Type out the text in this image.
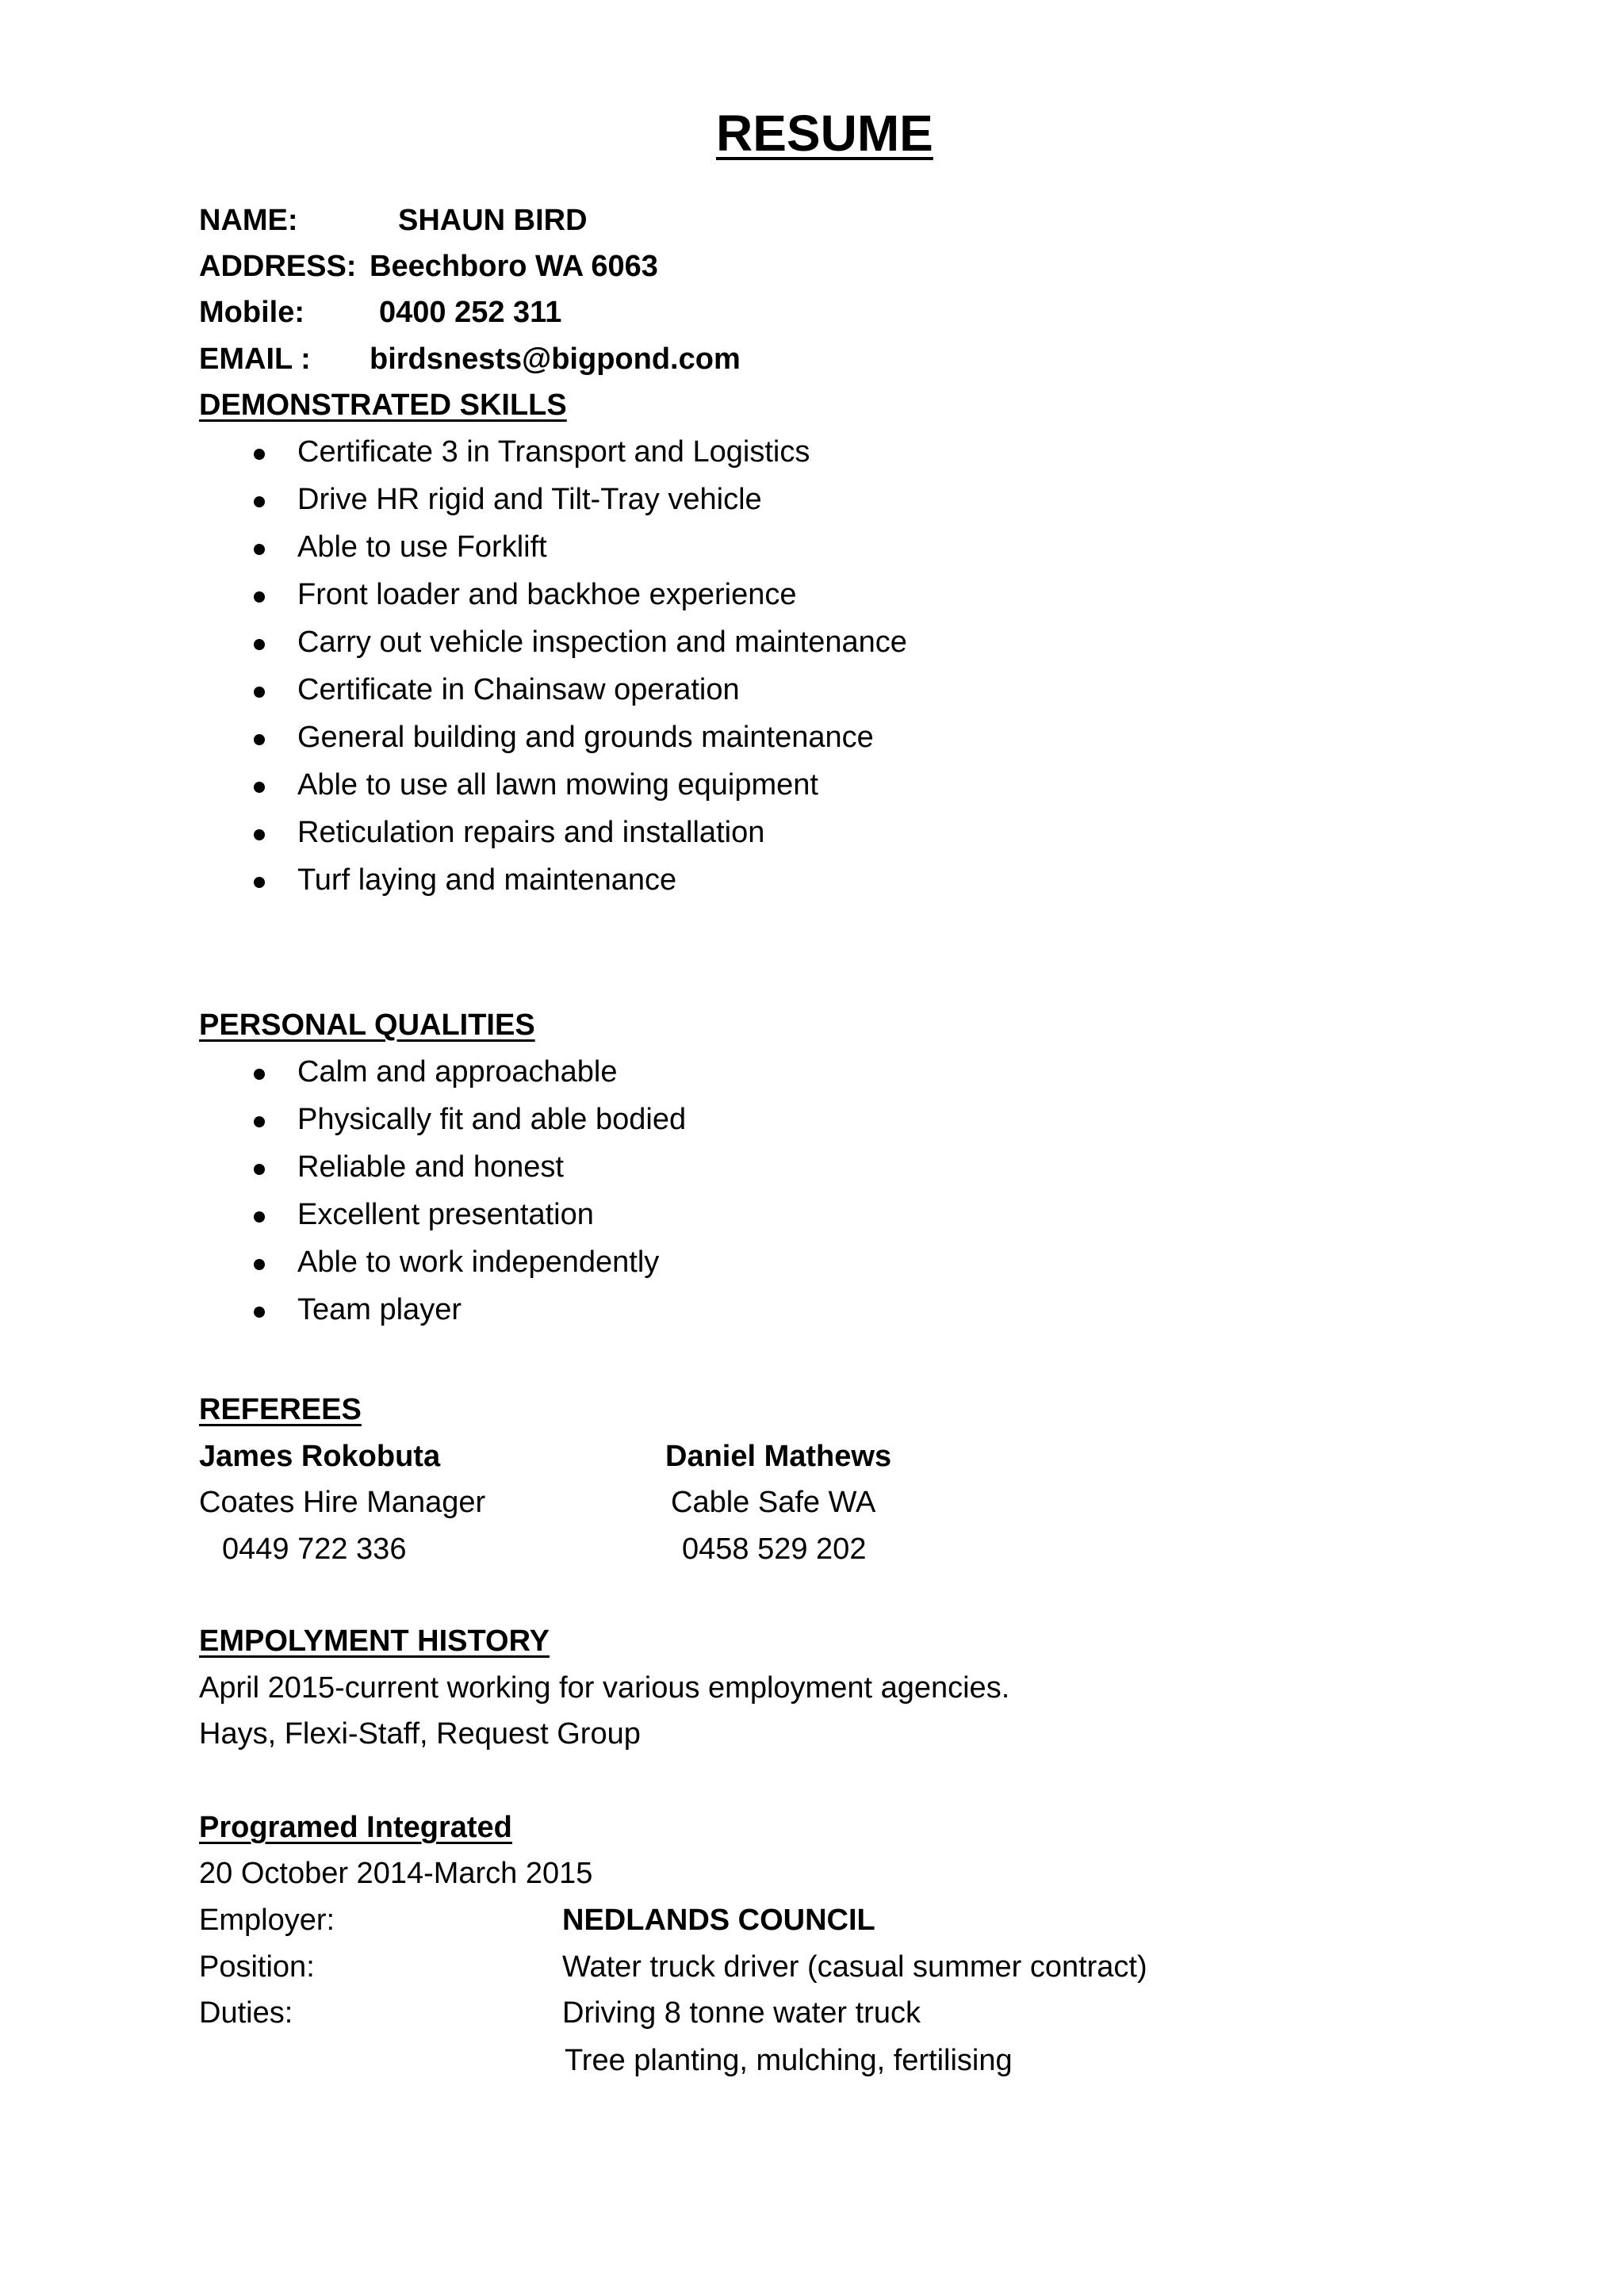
RESUME
NAME:	SHAUN BIRD
ADDRESS: Beechboro WA 6063
Mobile: 0400 252 311
EMAIL : birdsnests@bigpond.com
DEMONSTRATED SKILLS
Certificate 3 in Transport and Logistics
Drive HR rigid and Tilt-Tray vehicle
Able to use Forklift
Front loader and backhoe experience
Carry out vehicle inspection and maintenance
Certificate in Chainsaw operation
General building and grounds maintenance
Able to use all lawn mowing equipment
Reticulation repairs and installation
Turf laying and maintenance
PERSONAL QUALITIES
Calm and approachable
Physically fit and able bodied
Reliable and honest
Excellent presentation
Able to work independently
Team player
REFEREES
James Rokobuta
Coates Hire Manager
0449 722 336
Daniel Mathews
Cable Safe WA
0458 529 202
EMPOLYMENT HISTORY
April 2015-current working for various employment agencies.
Hays, Flexi-Staff, Request Group
Programed Integrated
20 October 2014-March 2015
Employer:	NEDLANDS COUNCIL
Position:	Water truck driver (casual summer contract)
Duties:	Driving 8 tonne water truck
Tree planting, mulching, fertilising
